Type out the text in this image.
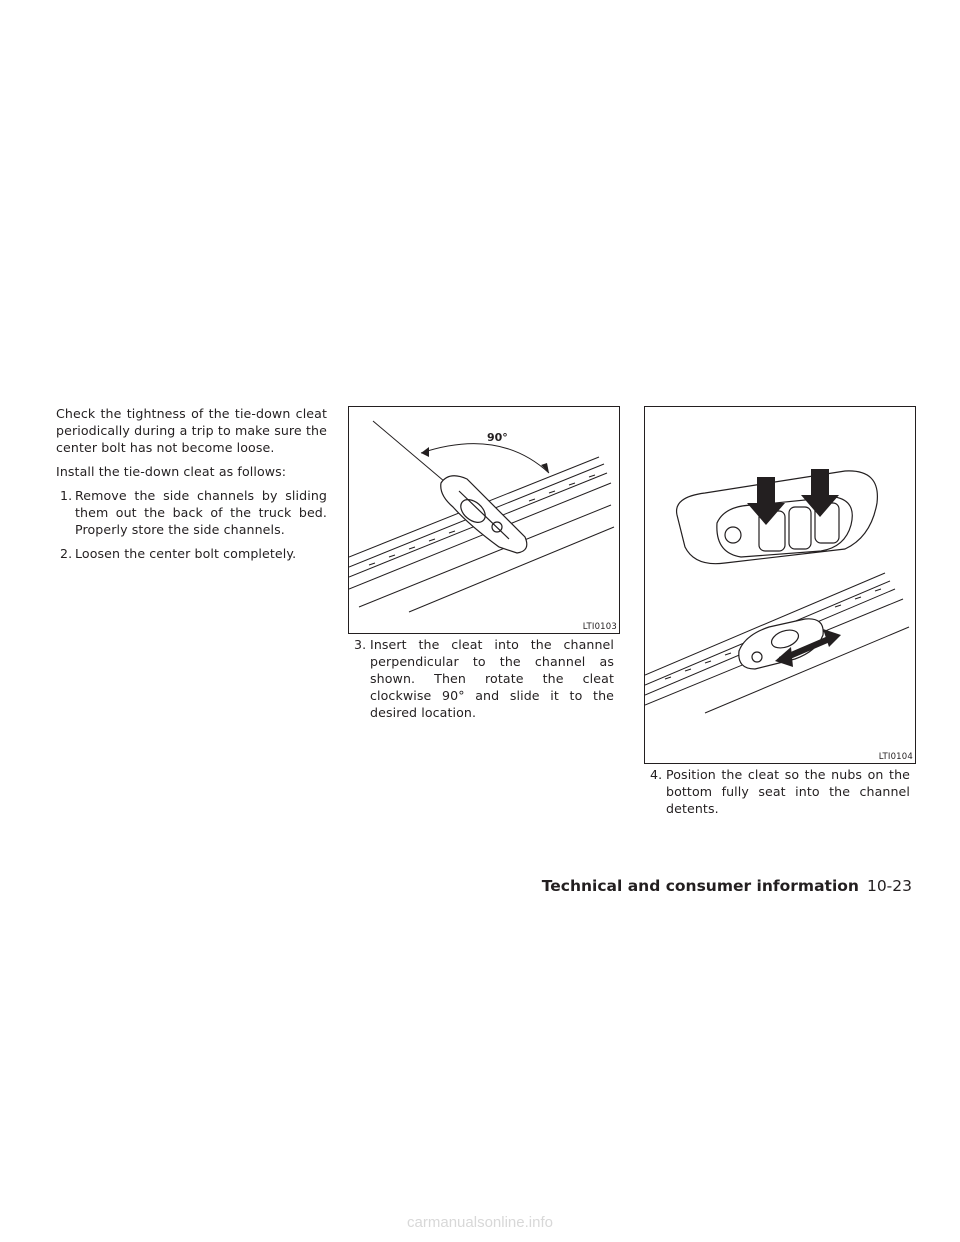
Check the tightness of the tie-down cleat periodically during a trip to make sure the center bolt has not become loose.

Install the tie-down cleat as follows:

1. Remove the side channels by sliding them out the back of the truck bed. Properly store the side channels.
2. Loosen the center bolt completely.
90°
LTI0103
LTI0104
3. Insert the cleat into the channel perpendicular to the channel as shown. Then rotate the cleat clockwise 90° and slide it to the desired location.
4. Position the cleat so the nubs on the bottom fully seat into the channel detents.
Technical and consumer information 10-23
carmanualsonline.info
